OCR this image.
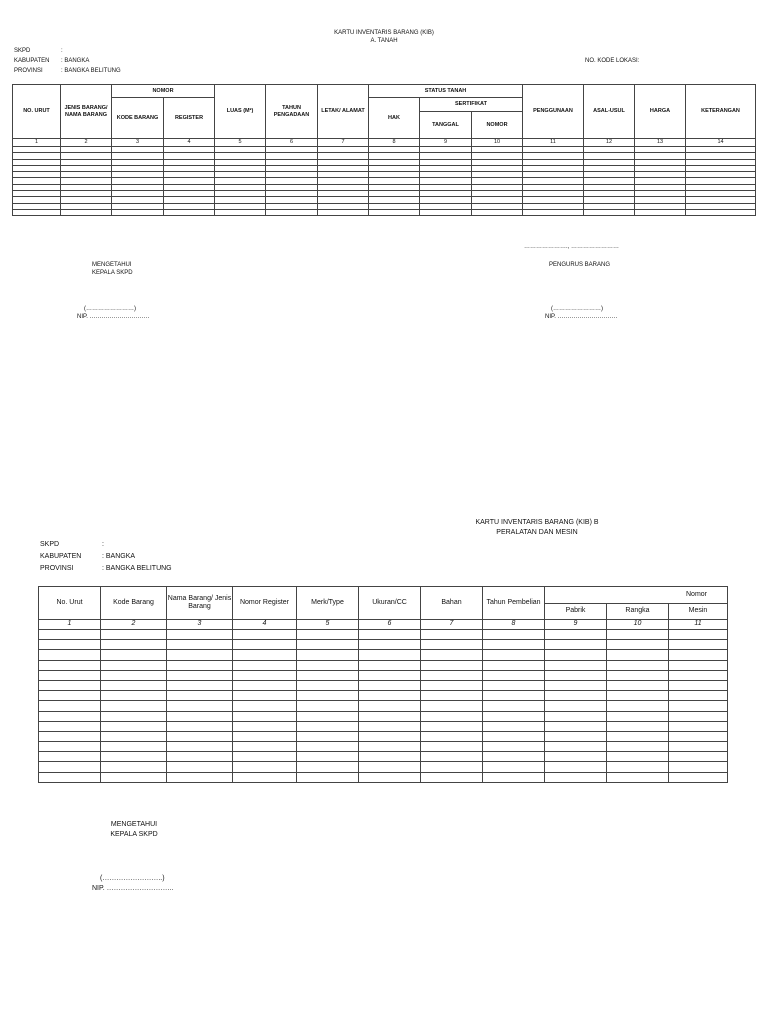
KARTU INVENTARIS BARANG (KIB)
A. TANAH
SKPD	:
KABUPATEN : BANGKA
PROVINSI	: BANGKA BELITUNG
NO. KODE LOKASI:
NO. URUT	JENIS BARANG/ NAMA BARANG	NOMOR		LUAS (M²)	TAHUN PENGADAAN	LETAK/ ALAMAT	STATUS TANAH			PENGGUNAAN	ASAL-USUL	HARGA	KETERANGAN
		KODE BARANG	REGISTER				HAK	SERTIFIKAT					
								TANGGAL	NOMOR				
1	2	3	4	5	6	7	8	9	10	11	12	13	14

…………………., ……………………
MENGETAHUI
KEPALA SKPD
PENGURUS BARANG
(……………………)
NIP. …………………………
(……………………)
NIP. …………………………
KARTU INVENTARIS BARANG (KIB) B
PERALATAN DAN MESIN
SKPD	:
KABUPATEN	: BANGKA
PROVINSI	: BANGKA BELITUNG
No. Urut	Kode Barang	Nama Barang/ Jenis Barang	Nomor Register	Merk/Type	Ukuran/CC	Bahan	Tahun Pembelian	Nomor		
								Pabrik	Rangka	Mesin
1	2	3	4	5	6	7	8	9	10	11

MENGETAHUI
KEPALA SKPD
(……………………..)
NIP. ………………………..
